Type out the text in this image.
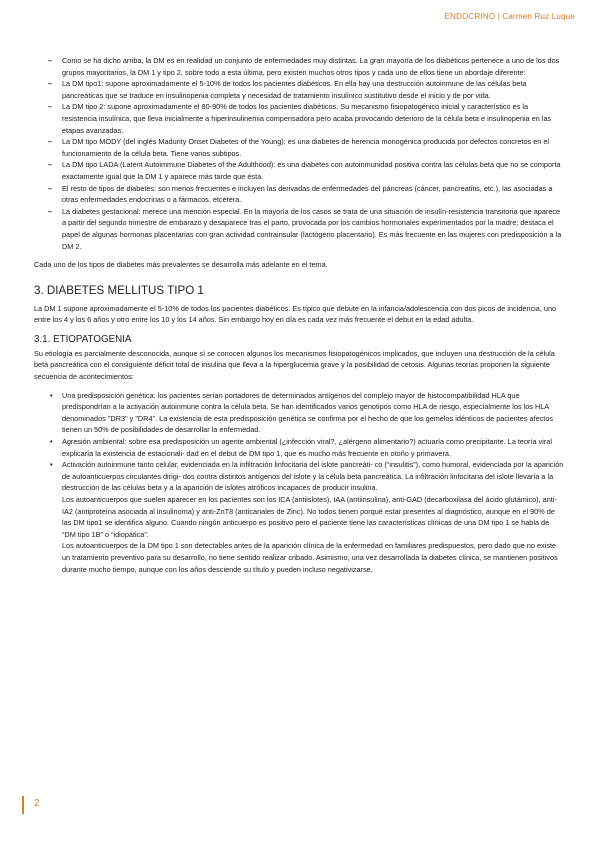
ENDOCRINO | Carmen Ruz Luque
– Como se ha dicho arriba, la DM es en realidad un conjunto de enfermedades muy distintas. La gran mayoría de los diabéticos pertenece a uno de los dos grupos mayoritarios, la DM 1 y tipo 2, sobre todo a esta última, pero existen muchos otros tipos y cada uno de ellos tiene un abordaje diferente:
– La DM tipo1: supone aproximadamente el 5-10% de todos los pacientes diabéticos. En ella hay una destrucción autoinmune de las células beta pancreáticas que se traduce en insulinopenia completa y necesidad de tratamiento insulínico sustitutivo desde el inicio y de por vida.
– La DM tipo 2: supone aproximadamente el 80-90% de todos los pacientes diabéticos. Su mecanismo fisiopatogénico inicial y característico es la resistencia insulínica, que lleva inicialmente a hiperinsulinemia compensadora pero acaba provocando deterioro de la célula beta e insulinopenia en las etapas avanzadas.
– La DM tipo MODY (del inglés Madurity Onset Diabetes of the Young): es una diabetes de herencia monogénica producida por defectos concretos en el funcionamiento de la célula beta. Tiene varios subtipos.
– La DM tipo LADA (Latent Autoimmune Diabetes of the Adulthood): es una diabetes con autoinmunidad positiva contra las células beta que no se comporta exactamente igual que la DM 1 y aparece más tarde que ésta.
– El resto de tipos de diabetes: son menos frecuentes e incluyen las derivadas de enfermedades del páncreas (cáncer, pancreatitis, etc.), las asociadas a otras enfermedades endocrinas o a fármacos, etcétera.
– La diabetes gestacional: merece una mención especial. En la mayoría de los casos se trata de una situación de insulín-resistencia transitoria que aparece a partir del segundo trimestre de embarazo y desaparece tras el parto, provocada por los cambios hormonales experimentados por la madre; destaca el papel de algunas hormonas placentarias con gran actividad contrainsular (lactógeno placentario). Es más frecuente en las mujeres con predisposición a la DM 2.

Cada uno de los tipos de diabetes más prevalentes se desarrolla más adelante en el tema.

3. DIABETES MELLITUS TIPO 1

La DM 1 supone aproximadamente el 5-10% de todos los pacientes diabéticos. Es típico que debute en la infancia/adolescencia con dos picos de incidencia, uno entre los 4 y los 6 años y otro entre los 10 y los 14 años. Sin embargo hoy en día es cada vez más frecuente el debut en la edad adulta.

3.1. ETIOPATOGENIA

Su etiología es parcialmente desconocida, aunque sí se conocen algunos los mecanismos fisiopatogénicos implicados, que incluyen una destrucción de la célula beta pancreática con el consiguiente déficit total de insulina que lleva a la hiperglucemia grave y la posibilidad de cetosis. Algunas teorías proponen la siguiente secuencia de acontecimientos:

• Una predisposición genética: los pacientes serían portadores de determinados antígenos del complejo mayor de histocompatibilidad HLA que predispondrían a la activación autoinmune contra la célula beta. Se han identificados varios genotipos como HLA de riesgo, especialmente los los HLA denominados "DR3" y "DR4". La existencia de esta predisposición genética se confirma por el hecho de que los gemelos idénticos de pacientes afectos tienen un 50% de posibilidades de desarrollar la enfermedad.
• Agresión ambiental: sobre esa predisposición un agente ambiental (¿infección viral?, ¿alérgeno alimentario?) actuaría como precipitante. La teoría viral explicaría la existencia de estacionali- dad en el debut de DM tipo 1, que es mucho más frecuente en otoño y primavera.
• Activación autoinmune tanto celular, evidenciada en la infiltración linfocitaria del islote pancreáti- co (“insulitis”), como humoral, evidenciada por la aparición de autoanticuerpos circulantes dirigi- dos contra distintos antígenos del islote y la célula beta pancreática. La infiltración linfocitaria del islote llevaría a la destrucción de las células beta y a la aparición de islotes atróficos incapaces de producir insulina.

Los autoanticuerpos que suelen aparecer en los pacientes son los ICA (antiislotes), IAA (antiinsulina), anti-GAD (decarboxilasa del ácido glutámico), anti-IA2 (antiproteína asociada al insulinoma) y anti-ZnT8 (anticanales de Zinc). No todos tienen porqué estar presentes al diagnóstico, aunque en el 90% de las DM tipo1 se identifica alguno. Cuando ningún anticuerpo es positivo pero el paciente tiene las características clínicas de una DM tipo 1 se habla de “DM tipo 1B” o “idiopática”.

Los autoanticuerpos de la DM tipo 1 son detectables antes de la aparición clínica de la enfermedad en familiares predispuestos, pero dado que no existe un tratamiento preventivo para su desarrollo, no tiene sentido realizar cribado. Asimismo, una vez desarrollada la diabetes clínica, se mantienen positivos durante mucho tiempo, aunque con los años desciende su título y pueden incluso negativizarse.

2
